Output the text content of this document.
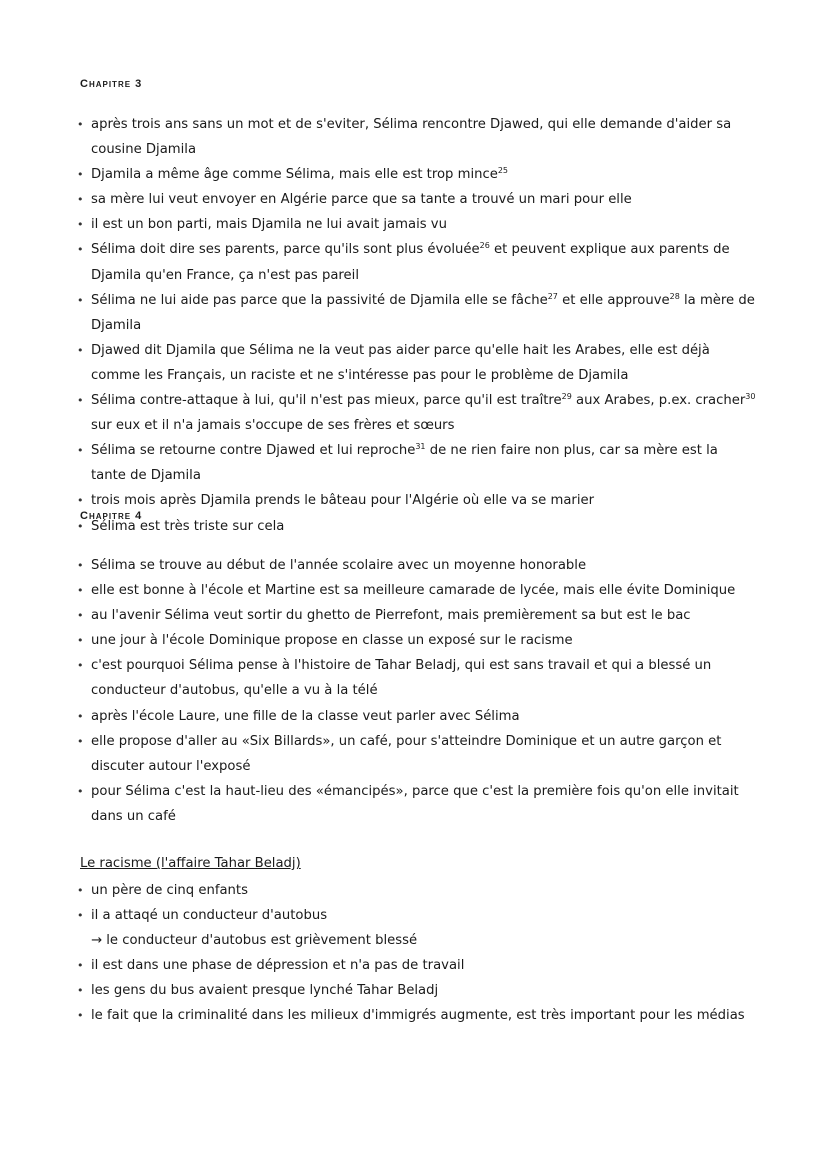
Chapitre 3
• après trois ans sans un mot et de s'eviter, Sélima rencontre Djawed, qui elle demande d'aider sa cousine Djamila
• Djamila a même âge comme Sélima, mais elle est trop mince$^{25}$
• sa mère lui veut envoyer en Algérie parce que sa tante a trouvé un mari pour elle
• il est un bon parti, mais Djamila ne lui avait jamais vu
• Sélima doit dire ses parents, parce qu'ils sont plus évoluée$^{26}$ et peuvent explique aux parents de Djamila qu'en France, ça n'est pas pareil
• Sélima ne lui aide pas parce que la passivité de Djamila elle se fâche$^{27}$ et elle approuve$^{28}$ la mère de Djamila
• Djawed dit Djamila que Sélima ne la veut pas aider parce qu'elle hait les Arabes, elle est déjà comme les Français, un raciste et ne s'intéresse pas pour le problème de Djamila
• Sélima contre-attaque à lui, qu'il n'est pas mieux, parce qu'il est traître$^{29}$ aux Arabes, p.ex. cracher$^{30}$ sur eux et il n'a jamais s'occupe de ses frères et sœurs
• Sélima se retourne contre Djawed et lui reproche$^{31}$ de ne rien faire non plus, car sa mère est la tante de Djamila
• trois mois après Djamila prends le bâteau pour l'Algérie où elle va se marier
• Sélima est très triste sur cela
Chapitre 4
• Sélima se trouve au début de l'année scolaire avec un moyenne honorable
• elle est bonne à l'école et Martine est sa meilleure camarade de lycée, mais elle évite Dominique
• au l'avenir Sélima veut sortir du ghetto de Pierrefont, mais premièrement sa but est le bac
• une jour à l'école Dominique propose en classe un exposé sur le racisme
• c'est pourquoi Sélima pense à l'histoire de Tahar Beladj, qui est sans travail et qui a blessé un conducteur d'autobus, qu'elle a vu à la télé
• après l'école Laure, une fille de la classe veut parler avec Sélima
• elle propose d'aller au «Six Billards», un café, pour s'atteindre Dominique et un autre garçon et discuter autour l'exposé
• pour Sélima c'est la haut-lieu des «émancipés», parce que c'est la première fois qu'on elle invitait dans un café
Le racisme (l'affaire Tahar Beladj)
• un père de cinq enfants
• il a attaqé un conducteur d'autobus
→ le conducteur d'autobus est grièvement blessé
• il est dans une phase de dépression et n'a pas de travail
• les gens du bus avaient presque lynché Tahar Beladj
• le fait que la criminalité dans les milieux d'immigrés augmente, est très important pour les médias
